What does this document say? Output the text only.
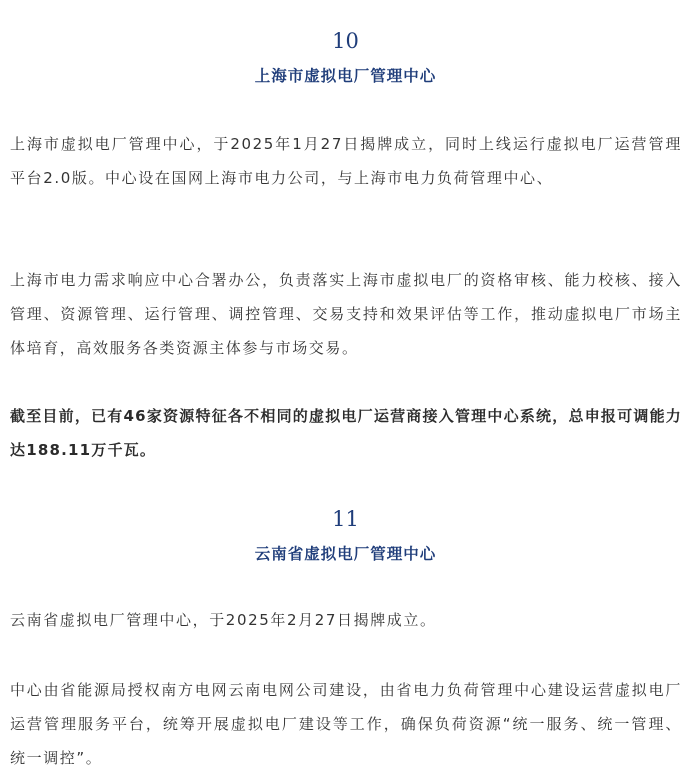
10
上海市虚拟电厂管理中心
上海市虚拟电厂管理中心，于2025年1月27日揭牌成立，同时上线运行虚拟电厂运营管理平台2.0版。中心设在国网上海市电力公司，与上海市电力负荷管理中心、
上海市电力需求响应中心合署办公，负责落实上海市虚拟电厂的资格审核、能力校核、接入管理、资源管理、运行管理、调控管理、交易支持和效果评估等工作，推动虚拟电厂市场主体培育，高效服务各类资源主体参与市场交易。
截至目前，已有46家资源特征各不相同的虚拟电厂运营商接入管理中心系统，总申报可调能力达188.11万千瓦。
11
云南省虚拟电厂管理中心
云南省虚拟电厂管理中心，于2025年2月27日揭牌成立。
中心由省能源局授权南方电网云南电网公司建设，由省电力负荷管理中心建设运营虚拟电厂运营管理服务平台，统筹开展虚拟电厂建设等工作，确保负荷资源“统一服务、统一管理、统一调控”。
